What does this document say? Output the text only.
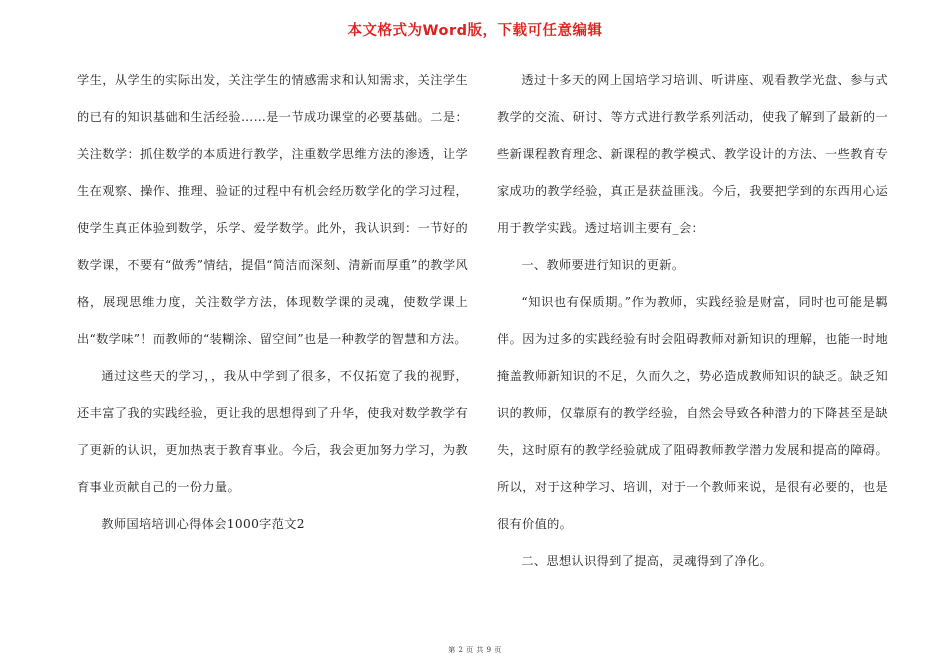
本文格式为Word版，下载可任意编辑

学生，从学生的实际出发，关注学生的情感需求和认知需求，关注学生的已有的知识基础和生活经验……是一节成功课堂的必要基础。二是：关注数学：抓住数学的本质进行教学，注重数学思维方法的渗透，让学生在观察、操作、推理、验证的过程中有机会经历数学化的学习过程，使学生真正体验到数学，乐学、爱学数学。此外，我认识到：一节好的数学课，不要有“做秀”情结，提倡“简洁而深刻、清新而厚重”的教学风格，展现思维力度，关注数学方法，体现数学课的灵魂，使数学课上出“数学味”！而教师的“装糊涂、留空间”也是一种教学的智慧和方法。

通过这些天的学习，，我从中学到了很多，不仅拓宽了我的视野，还丰富了我的实践经验，更让我的思想得到了升华，使我对数学教学有了更新的认识，更加热衷于教育事业。今后，我会更加努力学习，为教育事业贡献自己的一份力量。

教师国培培训心得体会1000字范文2

透过十多天的网上国培学习培训、听讲座、观看教学光盘、参与式教学的交流、研讨、等方式进行教学系列活动，使我了解到了最新的一些新课程教育理念、新课程的教学模式、教学设计的方法、一些教育专家成功的教学经验，真正是获益匪浅。今后，我要把学到的东西用心运用于教学实践。透过培训主要有_会：

一、教师要进行知识的更新。

“知识也有保质期。”作为教师，实践经验是财富，同时也可能是羁伴。因为过多的实践经验有时会阻碍教师对新知识的理解，也能一时地掩盖教师新知识的不足，久而久之，势必造成教师知识的缺乏。缺乏知识的教师，仅靠原有的教学经验，自然会导致各种潜力的下降甚至是缺失，这时原有的教学经验就成了阻碍教师教学潜力发展和提高的障碍。所以，对于这种学习、培训，对于一个教师来说，是很有必要的，也是很有价值的。

二、思想认识得到了提高，灵魂得到了净化。

第 2 页 共 9 页
